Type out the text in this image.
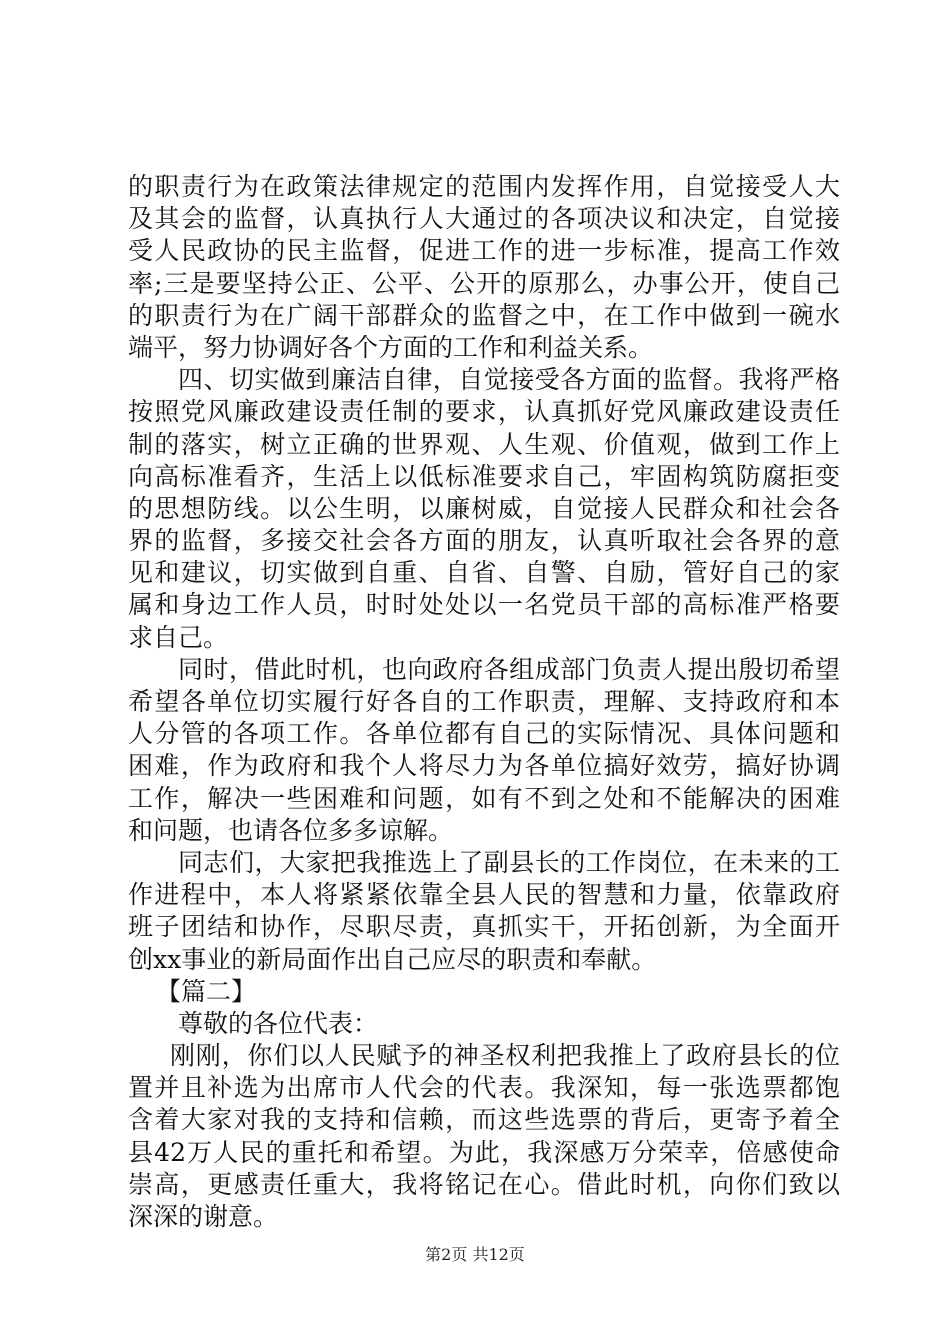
的职责行为在政策法律规定的范围内发挥作用，自觉接受人大
及其会的监督，认真执行人大通过的各项决议和决定，自觉接
受人民政协的民主监督，促进工作的进一步标准，提高工作效
率;三是要坚持公正、公平、公开的原那么，办事公开，使自己
的职责行为在广阔干部群众的监督之中，在工作中做到一碗水
端平，努力协调好各个方面的工作和利益关系。
四、切实做到廉洁自律，自觉接受各方面的监督。我将严格
按照党风廉政建设责任制的要求，认真抓好党风廉政建设责任
制的落实，树立正确的世界观、人生观、价值观，做到工作上
向高标准看齐，生活上以低标准要求自己，牢固构筑防腐拒变
的思想防线。以公生明，以廉树威，自觉接人民群众和社会各
界的监督，多接交社会各方面的朋友，认真听取社会各界的意
见和建议，切实做到自重、自省、自警、自励，管好自己的家
属和身边工作人员，时时处处以一名党员干部的高标准严格要
求自己。
同时，借此时机，也向政府各组成部门负责人提出殷切希望
希望各单位切实履行好各自的工作职责，理解、支持政府和本
人分管的各项工作。各单位都有自己的实际情况、具体问题和
困难，作为政府和我个人将尽力为各单位搞好效劳，搞好协调
工作，解决一些困难和问题，如有不到之处和不能解决的困难
和问题，也请各位多多谅解。
同志们，大家把我推选上了副县长的工作岗位，在未来的工
作进程中，本人将紧紧依靠全县人民的智慧和力量，依靠政府
班子团结和协作，尽职尽责，真抓实干，开拓创新，为全面开
创xx事业的新局面作出自己应尽的职责和奉献。
【篇二】
尊敬的各位代表：
刚刚，你们以人民赋予的神圣权利把我推上了政府县长的位
置并且补选为出席市人代会的代表。我深知，每一张选票都饱
含着大家对我的支持和信赖，而这些选票的背后，更寄予着全
县42万人民的重托和希望。为此，我深感万分荣幸，倍感使命
崇高，更感责任重大，我将铭记在心。借此时机，向你们致以
深深的谢意。
第2页 共12页
